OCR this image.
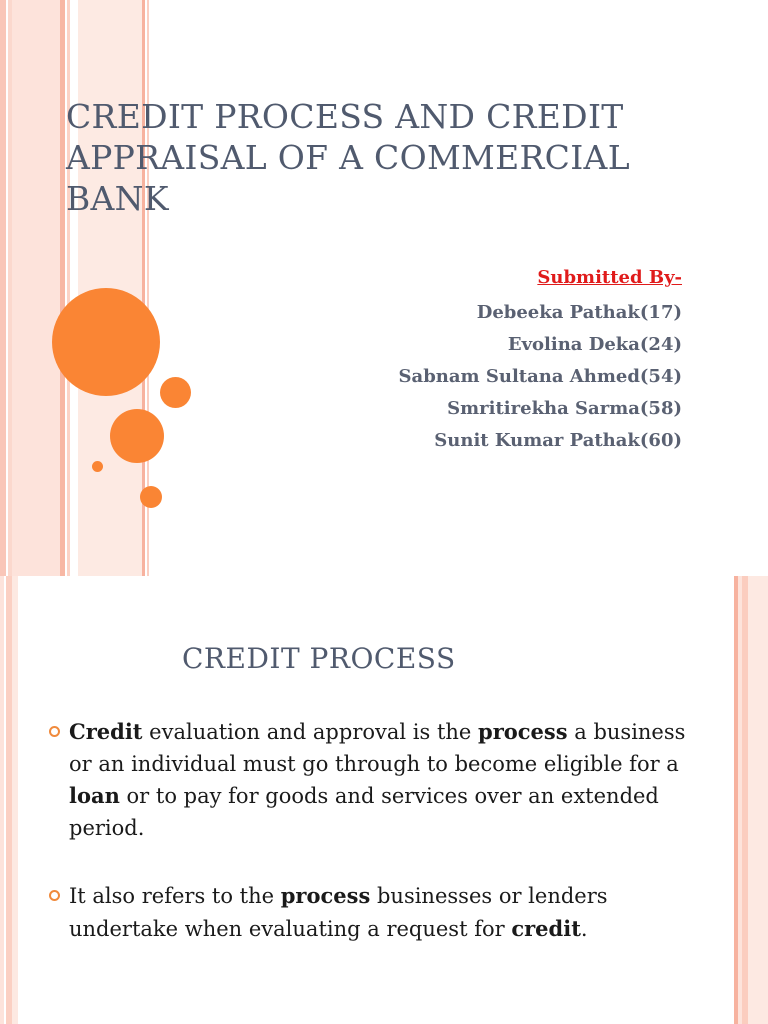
CREDIT PROCESS AND CREDIT APPRAISAL OF A COMMERCIAL BANK
Submitted By-
Debeeka Pathak(17)
Evolina Deka(24)
Sabnam Sultana Ahmed(54)
Smritirekha Sarma(58)
Sunit Kumar Pathak(60)
CREDIT PROCESS
Credit evaluation and approval is the process a business or an individual must go through to become eligible for a loan or to pay for goods and services over an extended period.
It also refers to the process businesses or lenders undertake when evaluating a request for credit.
